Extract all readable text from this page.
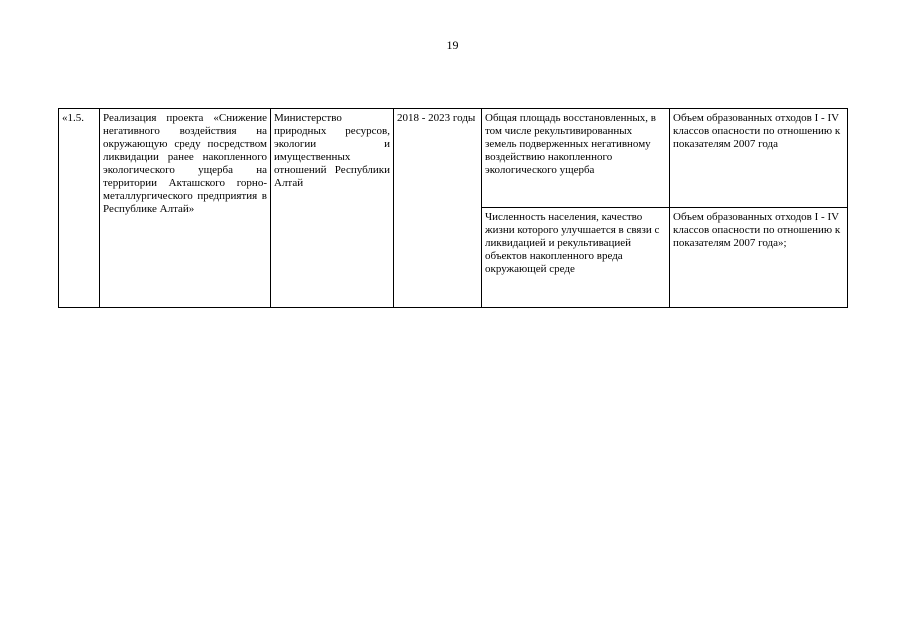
19
«1.5.	Реализация проекта «Снижение негативного воздействия на окружающую среду посредством ликвидации ранее накопленного экологического ущерба на территории Акташского горно-металлургического предприятия в Республике Алтай»	Министерство природных ресурсов, экологии и имущественных отношений Республики Алтай	2018 - 2023 годы	Общая площадь восстановленных, в том числе рекультивированных земель подверженных негативному воздействию накопленного экологического ущерба	Объем образованных отходов I - IV классов опасности по отношению к показателям 2007 года
				Численность населения, качество жизни которого улучшается в связи с ликвидацией и рекультивацией объектов накопленного вреда окружающей среде	Объем образованных отходов I - IV классов опасности по отношению к показателям 2007 года»;
